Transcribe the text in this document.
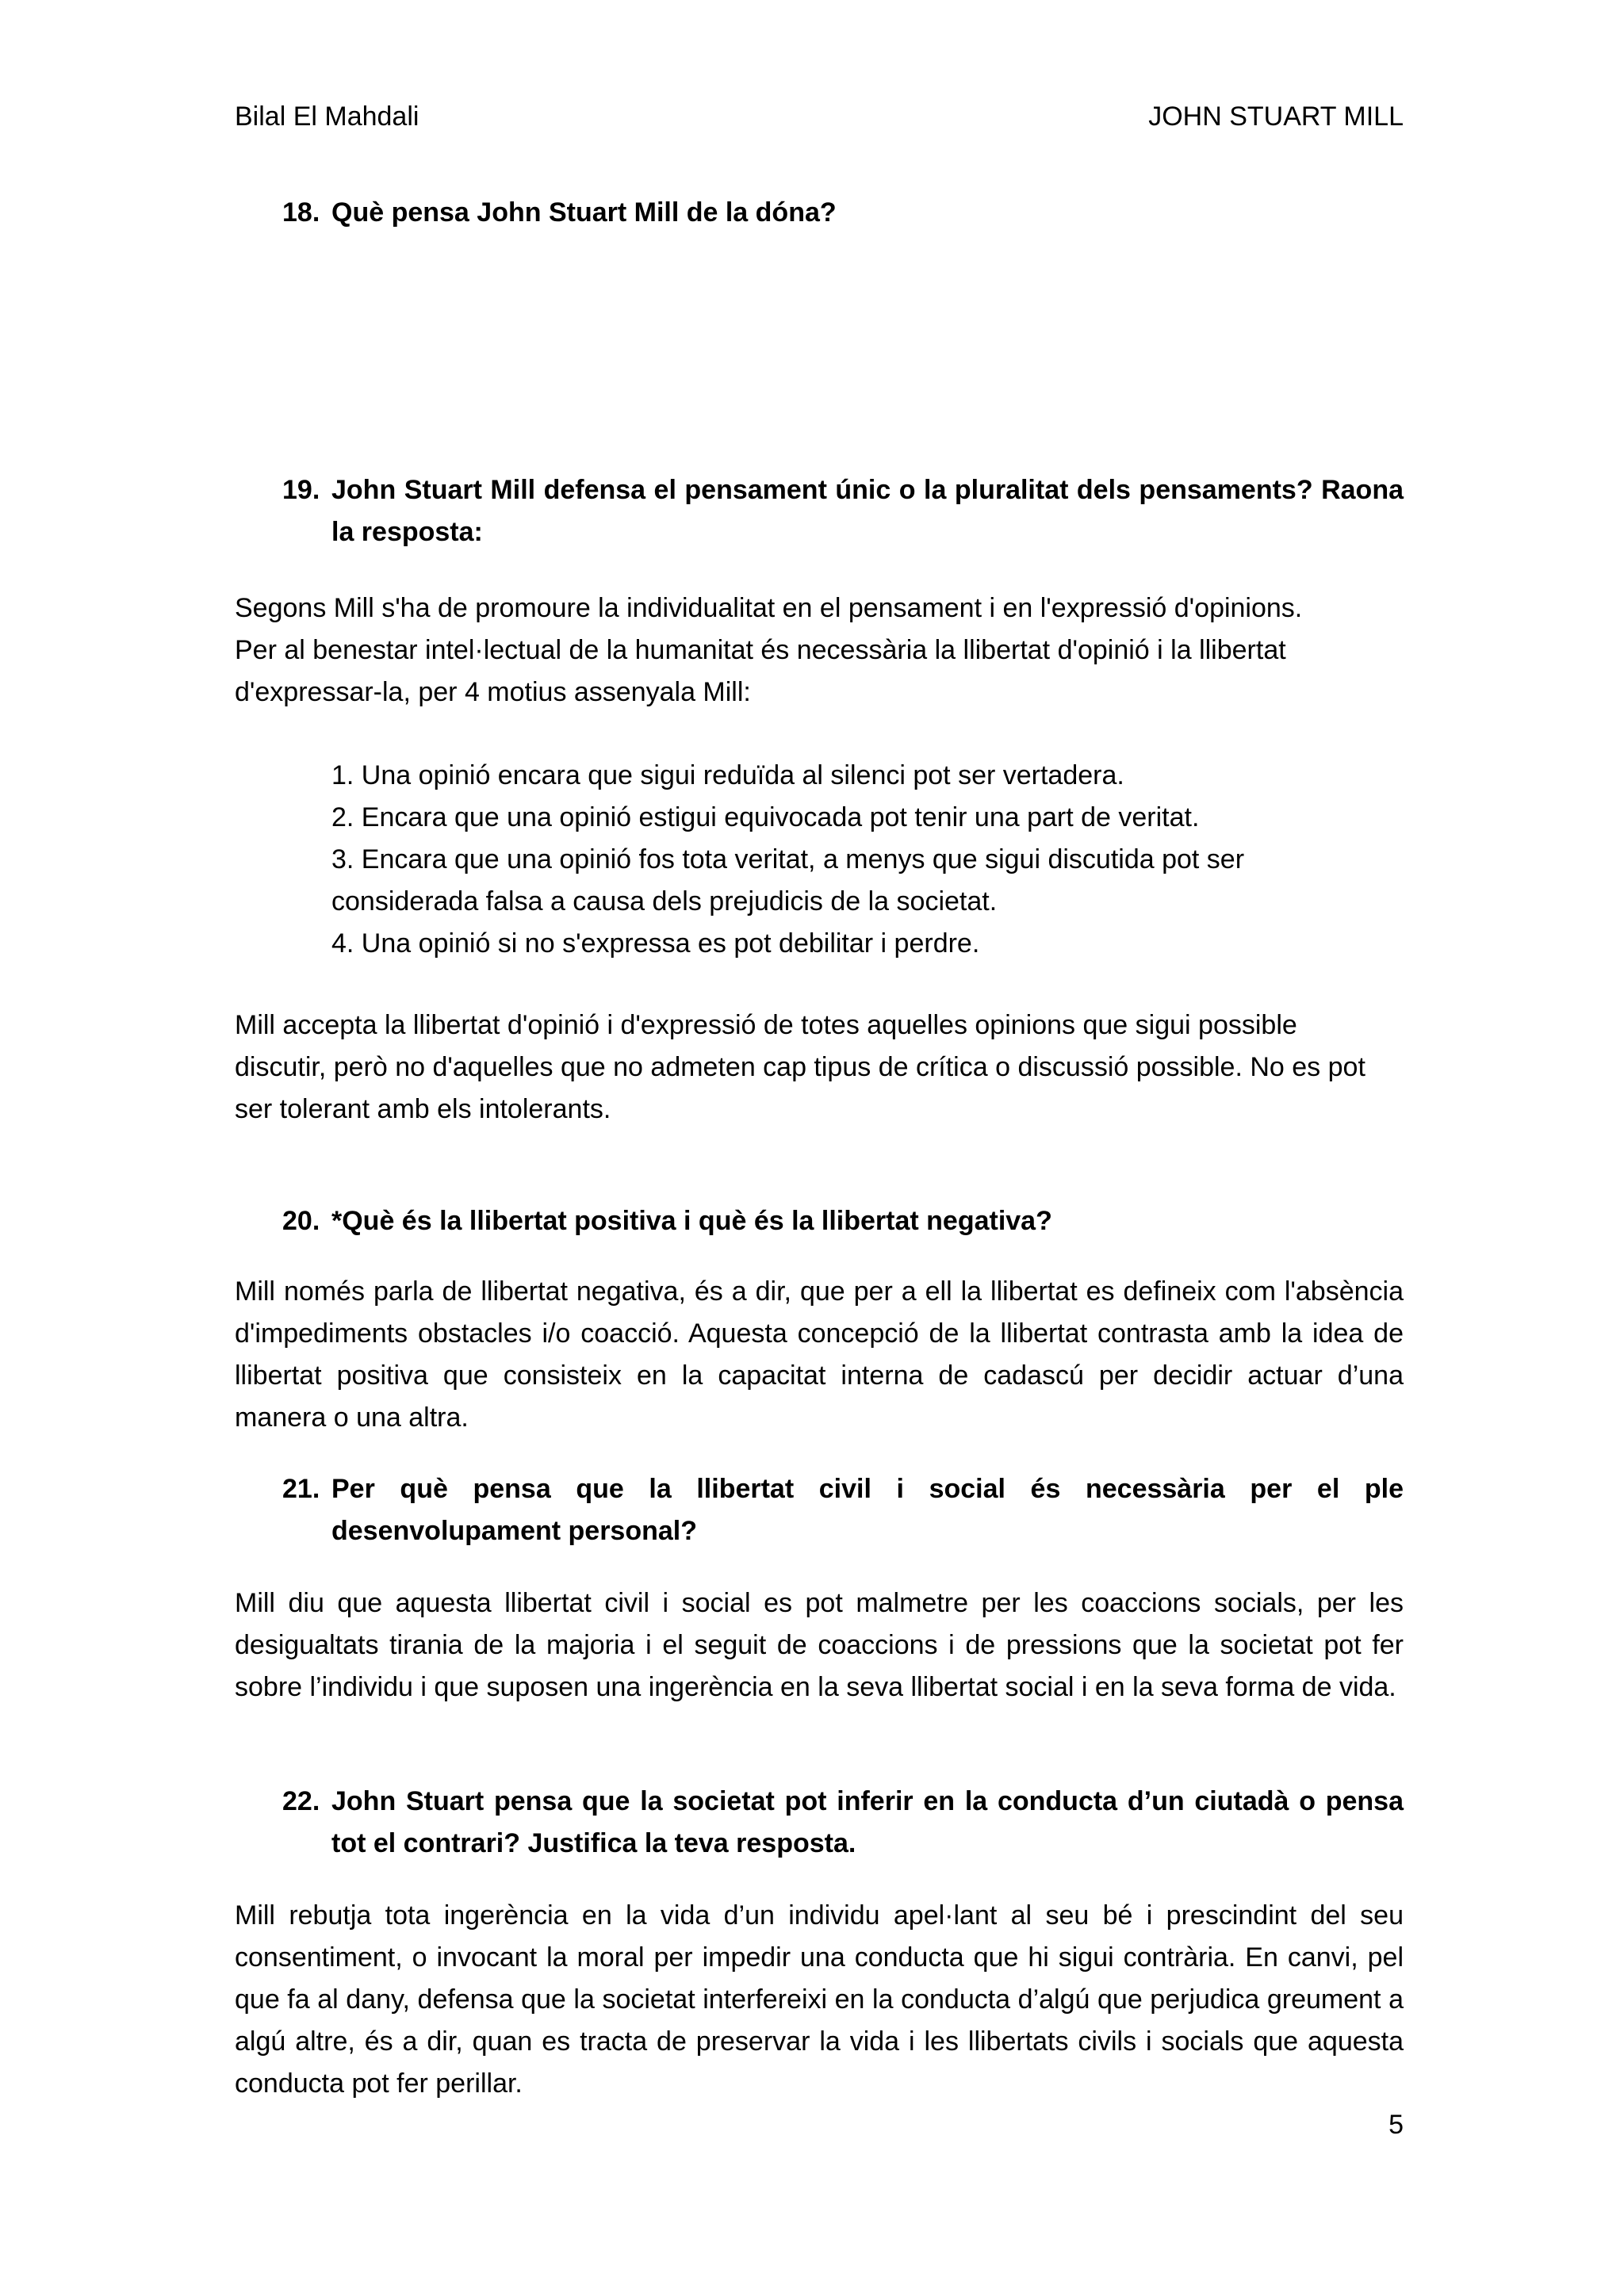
Bilal El Mahdali	JOHN STUART MILL
18. Què pensa John Stuart Mill de la dóna?
19. John Stuart Mill defensa el pensament únic o la pluralitat dels pensaments? Raona la resposta:
Segons Mill s'ha de promoure la individualitat en el pensament i en l'expressió d'opinions.
Per al benestar intel·lectual de la humanitat és necessària la llibertat d'opinió i la llibertat
d'expressar-la, per 4 motius assenyala Mill:
1. Una opinió encara que sigui reduïda al silenci pot ser vertadera.
2. Encara que una opinió estigui equivocada pot tenir una part de veritat.
3. Encara que una opinió fos tota veritat, a menys que sigui discutida pot ser
considerada falsa a causa dels prejudicis de la societat.
4. Una opinió si no s'expressa es pot debilitar i perdre.
Mill accepta la llibertat d'opinió i d'expressió de totes aquelles opinions que sigui possible
discutir, però no d'aquelles que no admeten cap tipus de crítica o discussió possible. No es pot
ser tolerant amb els intolerants.
20. *Què és la llibertat positiva i què és la llibertat negativa?
Mill només parla de llibertat negativa, és a dir, que per a ell la llibertat es defineix com l'absència d'impediments obstacles i/o coacció. Aquesta concepció de la llibertat contrasta amb la idea de llibertat positiva que consisteix en la capacitat interna de cadascú per decidir actuar d’una manera o una altra.
21. Per què pensa que la llibertat civil i social és necessària per el ple desenvolupament personal?
Mill diu que aquesta llibertat civil i social es pot malmetre per les coaccions socials, per les desigualtats tirania de la majoria i el seguit de coaccions i de pressions que la societat pot fer sobre l’individu i que suposen una ingerència en la seva llibertat social i en la seva forma de vida.
22. John Stuart pensa que la societat pot inferir en la conducta d’un ciutadà o pensa tot el contrari? Justifica la teva resposta.
Mill rebutja tota ingerència en la vida d’un individu apel·lant al seu bé i prescindint del seu consentiment, o invocant la moral per impedir una conducta que hi sigui contrària. En canvi, pel que fa al dany, defensa que la societat interfereixi en la conducta d’algú que perjudica greument a algú altre, és a dir, quan es tracta de preservar la vida i les llibertats civils i socials que aquesta conducta pot fer perillar.
5
